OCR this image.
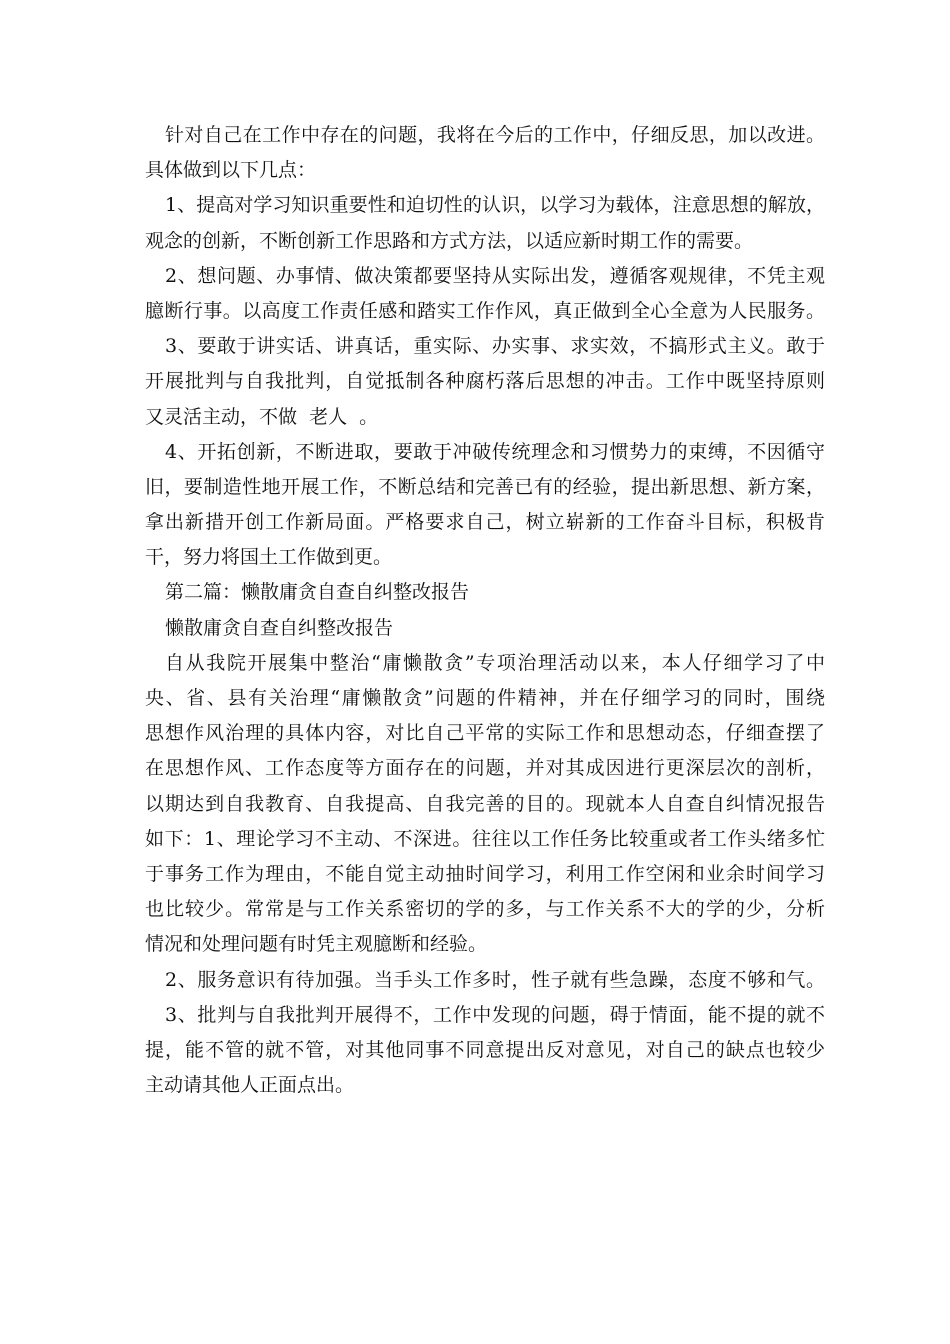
针对自己在工作中存在的问题，我将在今后的工作中，仔细反思，加以改进。
具体做到以下几点：
1、提高对学习知识重要性和迫切性的认识，以学习为载体，注意思想的解放，
观念的创新，不断创新工作思路和方式方法，以适应新时期工作的需要。
2、想问题、办事情、做决策都要坚持从实际出发，遵循客观规律，不凭主观
臆断行事。以高度工作责任感和踏实工作作风，真正做到全心全意为人民服务。
3、要敢于讲实话、讲真话，重实际、办实事、求实效，不搞形式主义。敢于
开展批判与自我批判，自觉抵制各种腐朽落后思想的冲击。工作中既坚持原则
又灵活主动，不做  老人  。
4、开拓创新，不断进取，要敢于冲破传统理念和习惯势力的束缚，不因循守
旧，要制造性地开展工作，不断总结和完善已有的经验，提出新思想、新方案，
拿出新措开创工作新局面。严格要求自己，树立崭新的工作奋斗目标，积极肯
干，努力将国土工作做到更。
第二篇：懒散庸贪自查自纠整改报告
懒散庸贪自查自纠整改报告
自从我院开展集中整治“庸懒散贪”专项治理活动以来，本人仔细学习了中
央、省、县有关治理“庸懒散贪”问题的件精神，并在仔细学习的同时，围绕
思想作风治理的具体内容，对比自己平常的实际工作和思想动态，仔细查摆了
在思想作风、工作态度等方面存在的问题，并对其成因进行更深层次的剖析，
以期达到自我教育、自我提高、自我完善的目的。现就本人自查自纠情况报告
如下：1、理论学习不主动、不深进。往往以工作任务比较重或者工作头绪多忙
于事务工作为理由，不能自觉主动抽时间学习，利用工作空闲和业余时间学习
也比较少。常常是与工作关系密切的学的多，与工作关系不大的学的少，分析
情况和处理问题有时凭主观臆断和经验。
2、服务意识有待加强。当手头工作多时，性子就有些急躁，态度不够和气。
3、批判与自我批判开展得不，工作中发现的问题，碍于情面，能不提的就不
提，能不管的就不管，对其他同事不同意提出反对意见，对自己的缺点也较少
主动请其他人正面点出。
